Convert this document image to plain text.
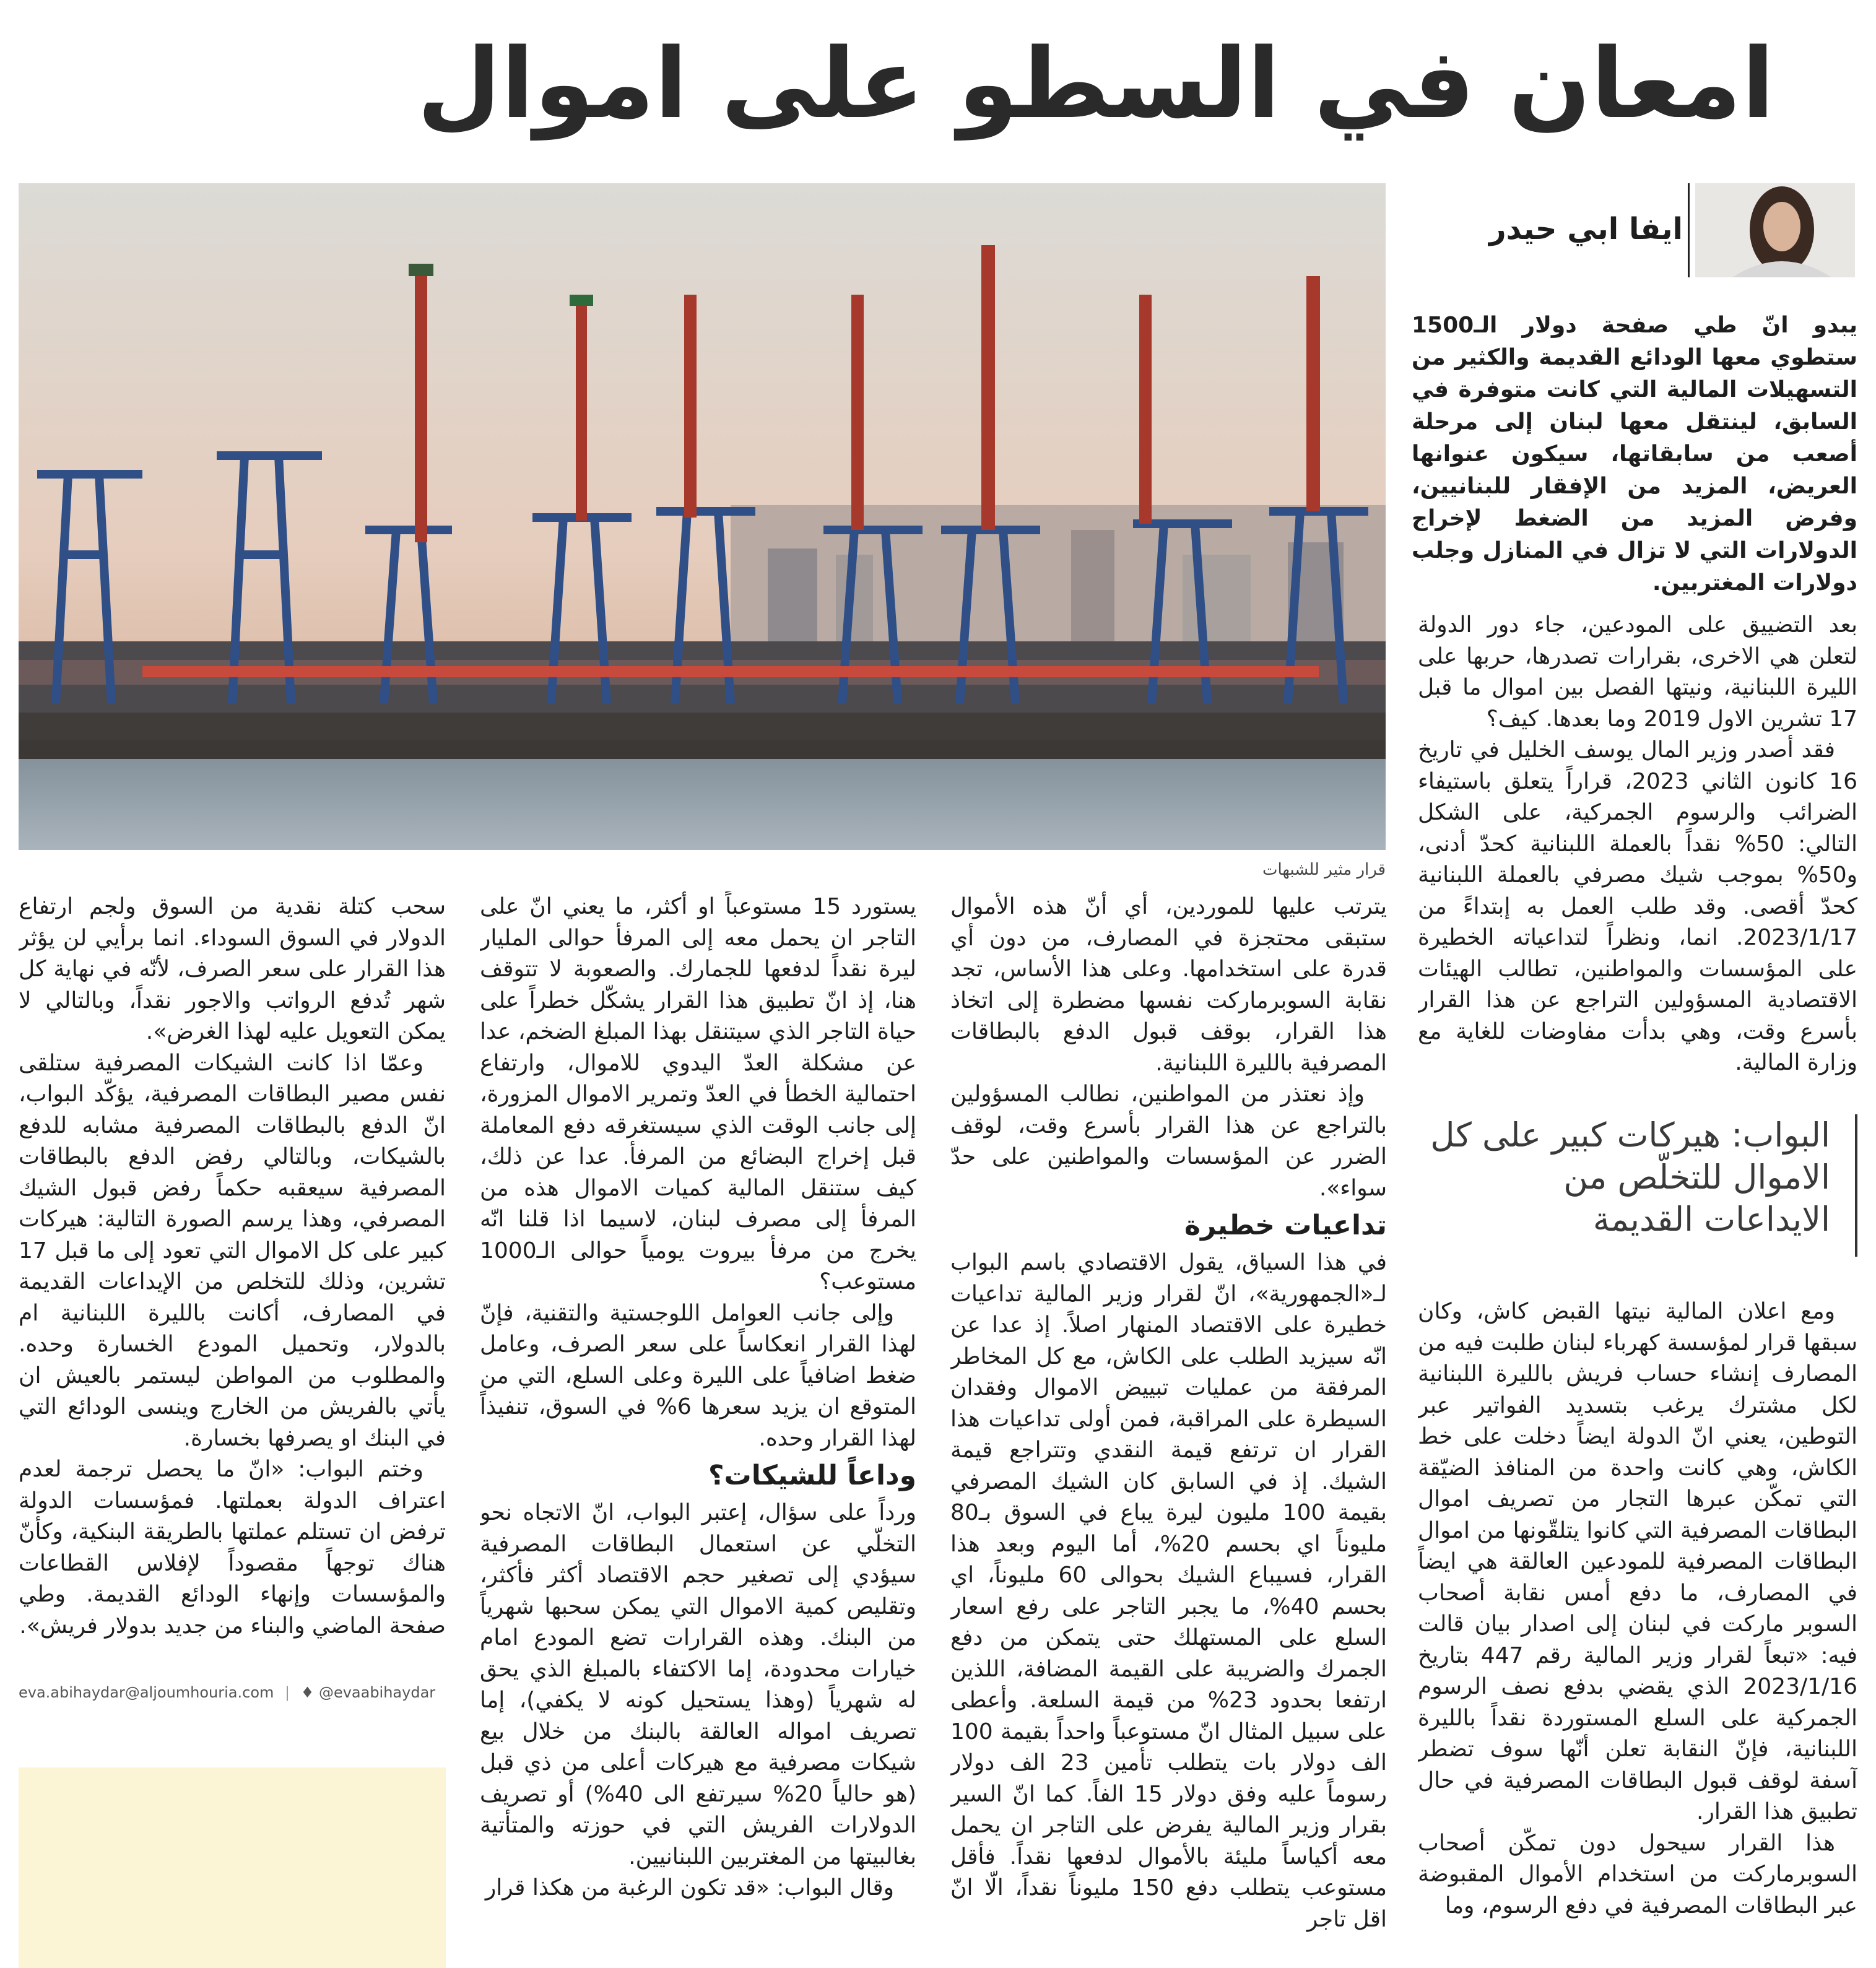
امعان في السطو على اموال
قرار مثير للشبهات
ايفا ابي حيدر

يبدو انّ طي صفحة دولار الـ1500 ستطوي معها الودائع القديمة والكثير من التسهيلات المالية التي كانت متوفرة في السابق، لينتقل معها لبنان إلى مرحلة أصعب من سابقاتها، سيكون عنوانها العريض، المزيد من الإفقار للبنانيين، وفرض المزيد من الضغط لإخراج الدولارات التي لا تزال في المنازل وجلب دولارات المغتربين.

بعد التضييق على المودعين، جاء دور الدولة لتعلن هي الاخرى، بقرارات تصدرها، حربها على الليرة اللبنانية، ونيتها الفصل بين اموال ما قبل 17 تشرين الاول 2019 وما بعدها. كيف؟

فقد أصدر وزير المال يوسف الخليل في تاريخ 16 كانون الثاني 2023، قراراً يتعلق باستيفاء الضرائب والرسوم الجمركية، على الشكل التالي: 50% نقداً بالعملة اللبنانية كحدّ أدنى، و50% بموجب شيك مصرفي بالعملة اللبنانية كحدّ أقصى. وقد طلب العمل به إبتداءً من 2023/1/17. انما، ونظراً لتداعياته الخطيرة على المؤسسات والمواطنين، تطالب الهيئات الاقتصادية المسؤولين التراجع عن هذا القرار بأسرع وقت، وهي بدأت مفاوضات للغاية مع وزارة المالية.

البواب: هيركات كبير على كل الاموال للتخلّص من الايداعات القديمة

ومع اعلان المالية نيتها القبض كاش، وكان سبقها قرار لمؤسسة كهرباء لبنان طلبت فيه من المصارف إنشاء حساب فريش بالليرة اللبنانية لكل مشترك يرغب بتسديد الفواتير عبر التوطين، يعني انّ الدولة ايضاً دخلت على خط الكاش، وهي كانت واحدة من المنافذ الضيّقة التي تمكّن عبرها التجار من تصريف اموال البطاقات المصرفية التي كانوا يتلقّونها من اموال البطاقات المصرفية للمودعين العالقة هي ايضاً في المصارف، ما دفع أمس نقابة أصحاب السوبر ماركت في لبنان إلى اصدار بيان قالت فيه: «تبعاً لقرار وزير المالية رقم 447 بتاريخ 2023/1/16 الذي يقضي بدفع نصف الرسوم الجمركية على السلع المستوردة نقداً بالليرة اللبنانية، فإنّ النقابة تعلن أنّها سوف تضطر آسفة لوقف قبول البطاقات المصرفية في حال تطبيق هذا القرار.

هذا القرار سيحول دون تمكّن أصحاب السوبرماركت من استخدام الأموال المقبوضة عبر البطاقات المصرفية في دفع الرسوم، وما

يترتب عليها للموردين، أي أنّ هذه الأموال ستبقى محتجزة في المصارف، من دون أي قدرة على استخدامها. وعلى هذا الأساس، تجد نقابة السوبرماركت نفسها مضطرة إلى اتخاذ هذا القرار، بوقف قبول الدفع بالبطاقات المصرفية بالليرة اللبنانية.

وإذ نعتذر من المواطنين، نطالب المسؤولين بالتراجع عن هذا القرار بأسرع وقت، لوقف الضرر عن المؤسسات والمواطنين على حدّ سواء».

تداعيات خطيرة

في هذا السياق، يقول الاقتصادي باسم البواب لـ«الجمهورية»، انّ لقرار وزير المالية تداعيات خطيرة على الاقتصاد المنهار اصلاً. إذ عدا عن انّه سيزيد الطلب على الكاش، مع كل المخاطر المرفقة من عمليات تبييض الاموال وفقدان السيطرة على المراقبة، فمن أولى تداعيات هذا القرار ان ترتفع قيمة النقدي وتتراجع قيمة الشيك. إذ في السابق كان الشيك المصرفي بقيمة 100 مليون ليرة يباع في السوق بـ80 مليوناً اي بحسم 20%، أما اليوم وبعد هذا القرار، فسيباع الشيك بحوالى 60 مليوناً، اي بحسم 40%، ما يجبر التاجر على رفع اسعار السلع على المستهلك حتى يتمكن من دفع الجمرك والضريبة على القيمة المضافة، اللذين ارتفعا بحدود 23% من قيمة السلعة. وأعطى على سبيل المثال انّ مستوعباً واحداً بقيمة 100 الف دولار بات يتطلب تأمين 23 الف دولار رسوماً عليه وفق دولار 15 الفاً. كما انّ السير بقرار وزير المالية يفرض على التاجر ان يحمل معه أكياساً مليئة بالأموال لدفعها نقداً. فأقل مستوعب يتطلب دفع 150 مليوناً نقداً، الّا انّ اقل تاجر

يستورد 15 مستوعباً او أكثر، ما يعني انّ على التاجر ان يحمل معه إلى المرفأ حوالى المليار ليرة نقداً لدفعها للجمارك. والصعوبة لا تتوقف هنا، إذ انّ تطبيق هذا القرار يشكّل خطراً على حياة التاجر الذي سيتنقل بهذا المبلغ الضخم، عدا عن مشكلة العدّ اليدوي للاموال، وارتفاع احتمالية الخطأ في العدّ وتمرير الاموال المزورة، إلى جانب الوقت الذي سيستغرقه دفع المعاملة قبل إخراج البضائع من المرفأ. عدا عن ذلك، كيف ستنقل المالية كميات الاموال هذه من المرفأ إلى مصرف لبنان، لاسيما اذا قلنا انّه يخرج من مرفأ بيروت يومياً حوالى الـ1000 مستوعب؟

وإلى جانب العوامل اللوجستية والتقنية، فإنّ لهذا القرار انعكاساً على سعر الصرف، وعامل ضغط اضافياً على الليرة وعلى السلع، التي من المتوقع ان يزيد سعرها 6% في السوق، تنفيذاً لهذا القرار وحده.

وداعاً للشيكات؟

ورداً على سؤال، إعتبر البواب، انّ الاتجاه نحو التخلّي عن استعمال البطاقات المصرفية سيؤدي إلى تصغير حجم الاقتصاد أكثر فأكثر، وتقليص كمية الاموال التي يمكن سحبها شهرياً من البنك. وهذه القرارات تضع المودع امام خيارات محدودة، إما الاكتفاء بالمبلغ الذي يحق له شهرياً (وهذا يستحيل كونه لا يكفي)، إما تصريف امواله العالقة بالبنك من خلال بيع شيكات مصرفية مع هيركات أعلى من ذي قبل (هو حالياً 20% سيرتفع الى 40%) أو تصريف الدولارات الفريش التي في حوزته والمتأتية بغالبيتها من المغتربين اللبنانيين.

وقال البواب: «قد تكون الرغبة من هكذا قرار

سحب كتلة نقدية من السوق ولجم ارتفاع الدولار في السوق السوداء. انما برأيي لن يؤثر هذا القرار على سعر الصرف، لأنّه في نهاية كل شهر تُدفع الرواتب والاجور نقداً، وبالتالي لا يمكن التعويل عليه لهذا الغرض».

وعمّا اذا كانت الشيكات المصرفية ستلقى نفس مصير البطاقات المصرفية، يؤكّد البواب، انّ الدفع بالبطاقات المصرفية مشابه للدفع بالشيكات، وبالتالي رفض الدفع بالبطاقات المصرفية سيعقبه حكماً رفض قبول الشيك المصرفي، وهذا يرسم الصورة التالية: هيركات كبير على كل الاموال التي تعود إلى ما قبل 17 تشرين، وذلك للتخلص من الإيداعات القديمة في المصارف، أكانت بالليرة اللبنانية ام بالدولار، وتحميل المودع الخسارة وحده. والمطلوب من المواطن ليستمر بالعيش ان يأتي بالفريش من الخارج وينسى الودائع التي في البنك او يصرفها بخسارة.

وختم البواب: «انّ ما يحصل ترجمة لعدم اعتراف الدولة بعملتها. فمؤسسات الدولة ترفض ان تستلم عملتها بالطريقة البنكية، وكأنّ هناك توجهاً مقصوداً لإفلاس القطاعات والمؤسسات وإنهاء الودائع القديمة. وطي صفحة الماضي والبناء من جديد بدولار فريش».

eva.abihaydar@aljoumhouria.com | ♦ @evaabihaydar
